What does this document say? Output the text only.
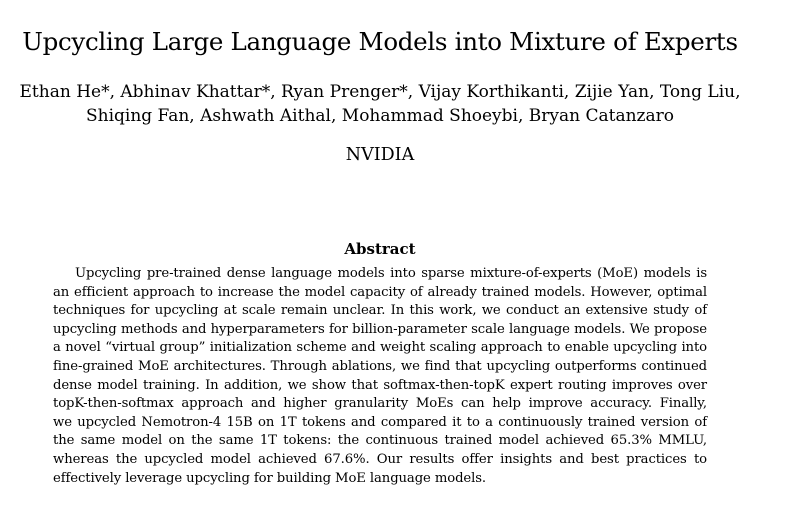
Upcycling Large Language Models into Mixture of Experts
Ethan He*, Abhinav Khattar*, Ryan Prenger*, Vijay Korthikanti, Zijie Yan, Tong Liu,
Shiqing Fan, Ashwath Aithal, Mohammad Shoeybi, Bryan Catanzaro
NVIDIA
Abstract
Upcycling pre-trained dense language models into sparse mixture-of-experts (MoE) models is
an efficient approach to increase the model capacity of already trained models. However, optimal
techniques for upcycling at scale remain unclear. In this work, we conduct an extensive study of
upcycling methods and hyperparameters for billion-parameter scale language models. We propose
a novel “virtual group” initialization scheme and weight scaling approach to enable upcycling into
fine-grained MoE architectures. Through ablations, we find that upcycling outperforms continued
dense model training. In addition, we show that softmax-then-topK expert routing improves over
topK-then-softmax approach and higher granularity MoEs can help improve accuracy. Finally,
we upcycled Nemotron-4 15B on 1T tokens and compared it to a continuously trained version of
the same model on the same 1T tokens: the continuous trained model achieved 65.3% MMLU,
whereas the upcycled model achieved 67.6%. Our results offer insights and best practices to
effectively leverage upcycling for building MoE language models.
